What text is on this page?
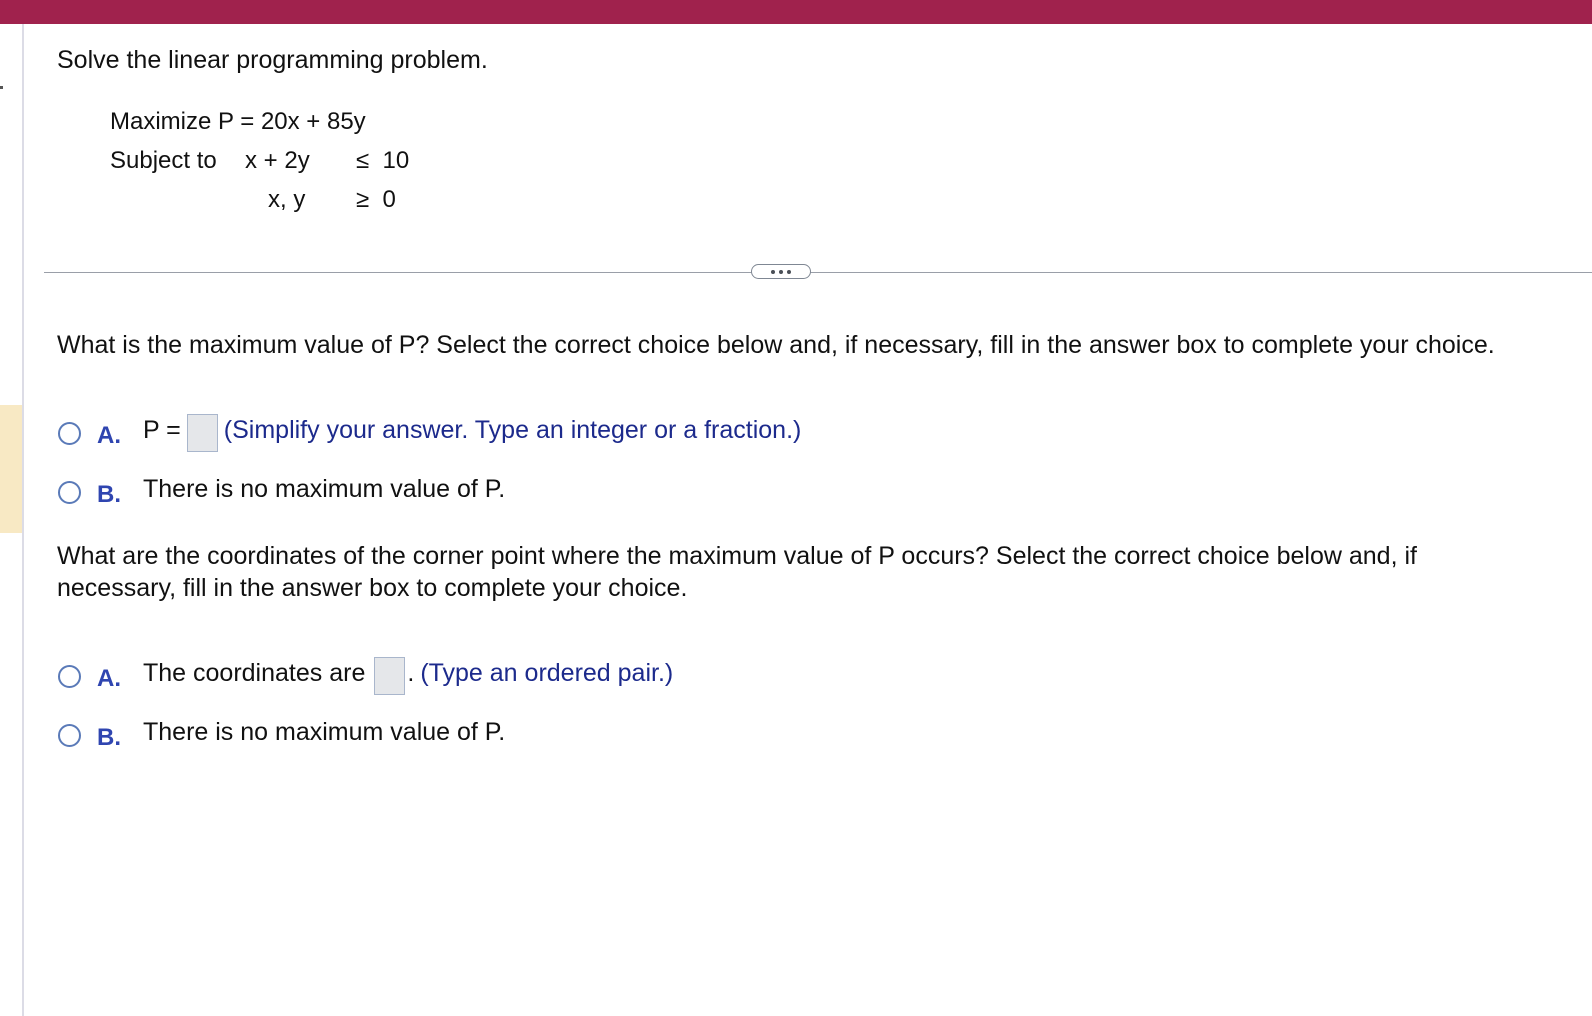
Solve the linear programming problem.
Maximize P = 20x + 85y
Subject to x + 2y ≤ 10
x, y ≥ 0

What is the maximum value of P? Select the correct choice below and, if necessary, fill in the answer box to complete your choice.

A. P = (Simplify your answer. Type an integer or a fraction.)
B. There is no maximum value of P.

What are the coordinates of the corner point where the maximum value of P occurs? Select the correct choice below and, if necessary, fill in the answer box to complete your choice.

A. The coordinates are . (Type an ordered pair.)
B. There is no maximum value of P.
